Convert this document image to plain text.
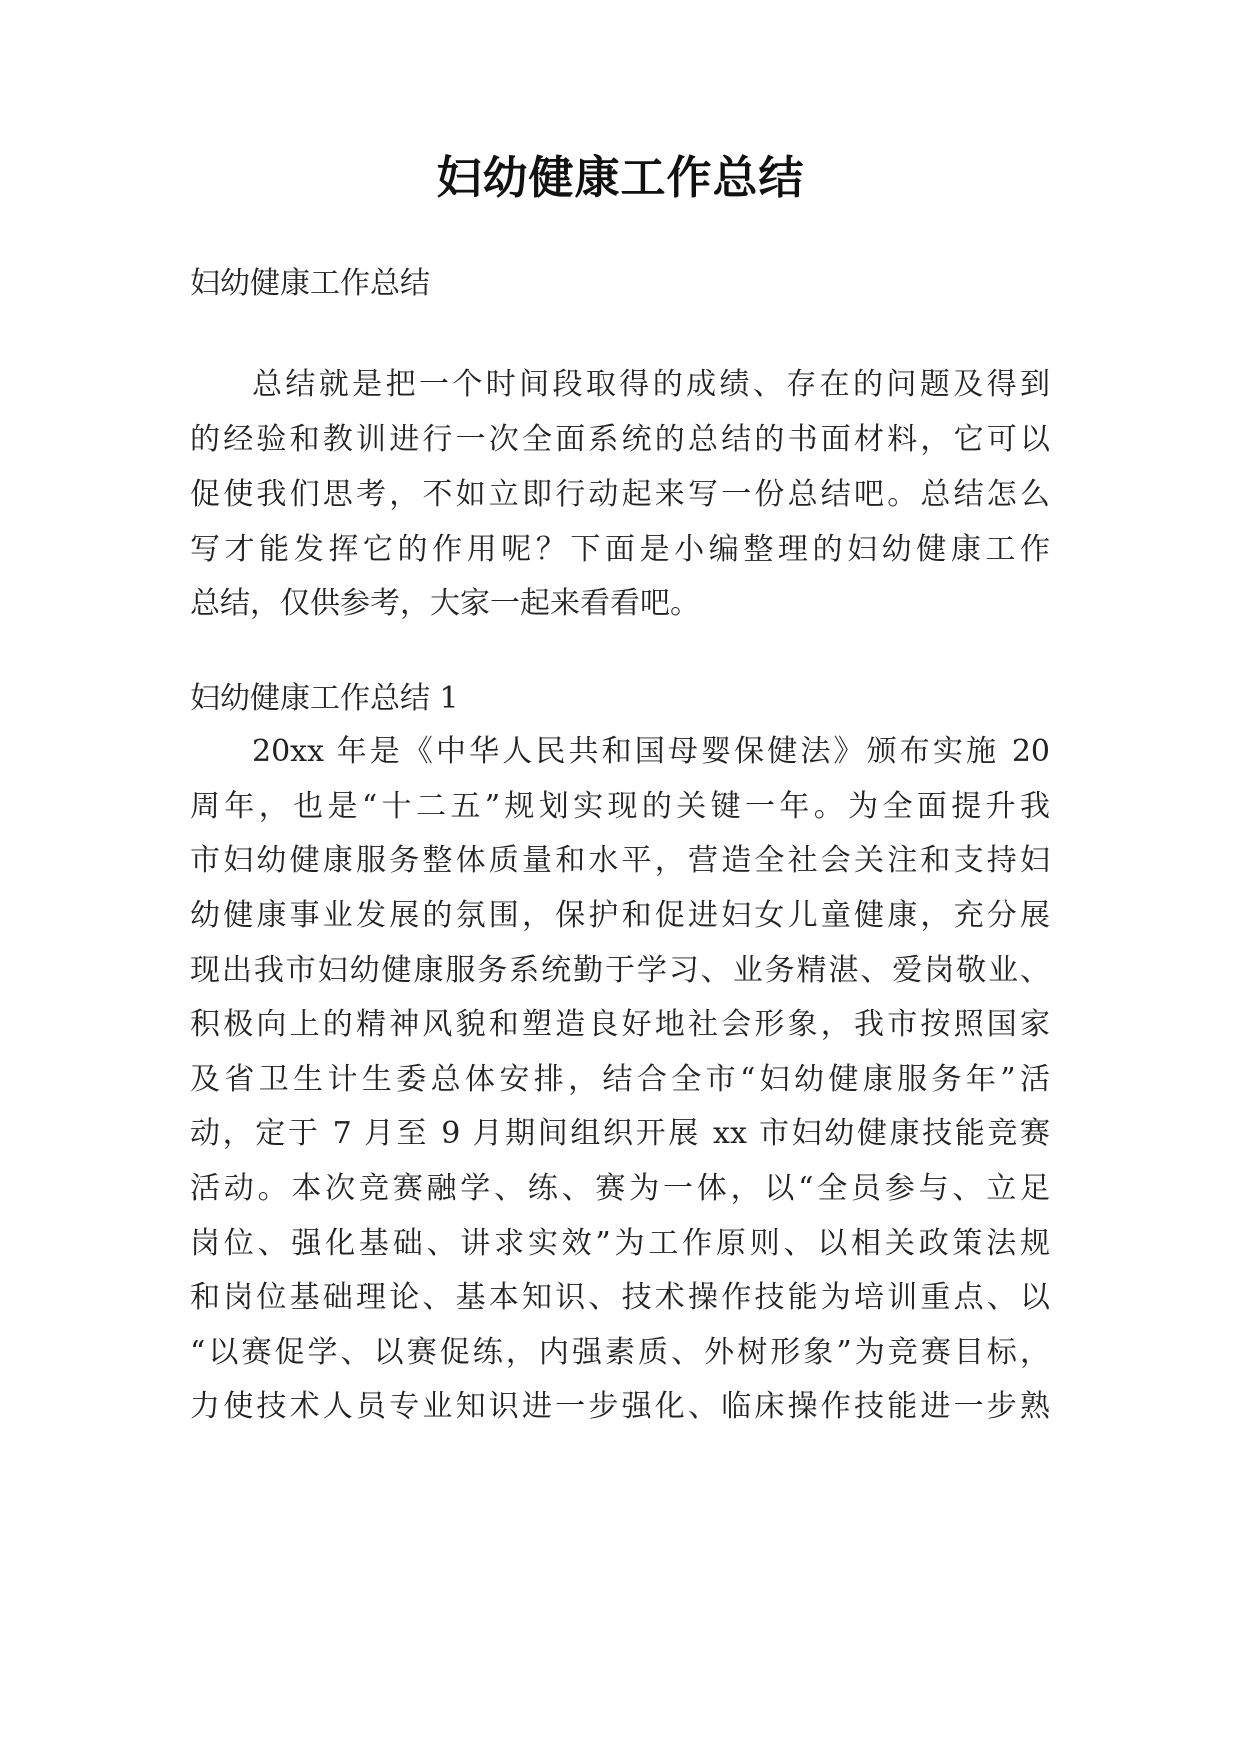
妇幼健康工作总结
妇幼健康工作总结
总结就是把一个时间段取得的成绩、存在的问题及得到
的经验和教训进行一次全面系统的总结的书面材料，它可以
促使我们思考，不如立即行动起来写一份总结吧。总结怎么
写才能发挥它的作用呢？下面是小编整理的妇幼健康工作
总结，仅供参考，大家一起来看看吧。
妇幼健康工作总结 1
20xx 年是《中华人民共和国母婴保健法》颁布实施 20
周年，也是“十二五”规划实现的关键一年。为全面提升我
市妇幼健康服务整体质量和水平，营造全社会关注和支持妇
幼健康事业发展的氛围，保护和促进妇女儿童健康，充分展
现出我市妇幼健康服务系统勤于学习、业务精湛、爱岗敬业、
积极向上的精神风貌和塑造良好地社会形象，我市按照国家
及省卫生计生委总体安排，结合全市“妇幼健康服务年”活
动，定于 7 月至 9 月期间组织开展 xx 市妇幼健康技能竞赛
活动。本次竞赛融学、练、赛为一体，以“全员参与、立足
岗位、强化基础、讲求实效”为工作原则、以相关政策法规
和岗位基础理论、基本知识、技术操作技能为培训重点、以
“以赛促学、以赛促练，内强素质、外树形象”为竞赛目标，
力使技术人员专业知识进一步强化、临床操作技能进一步熟
